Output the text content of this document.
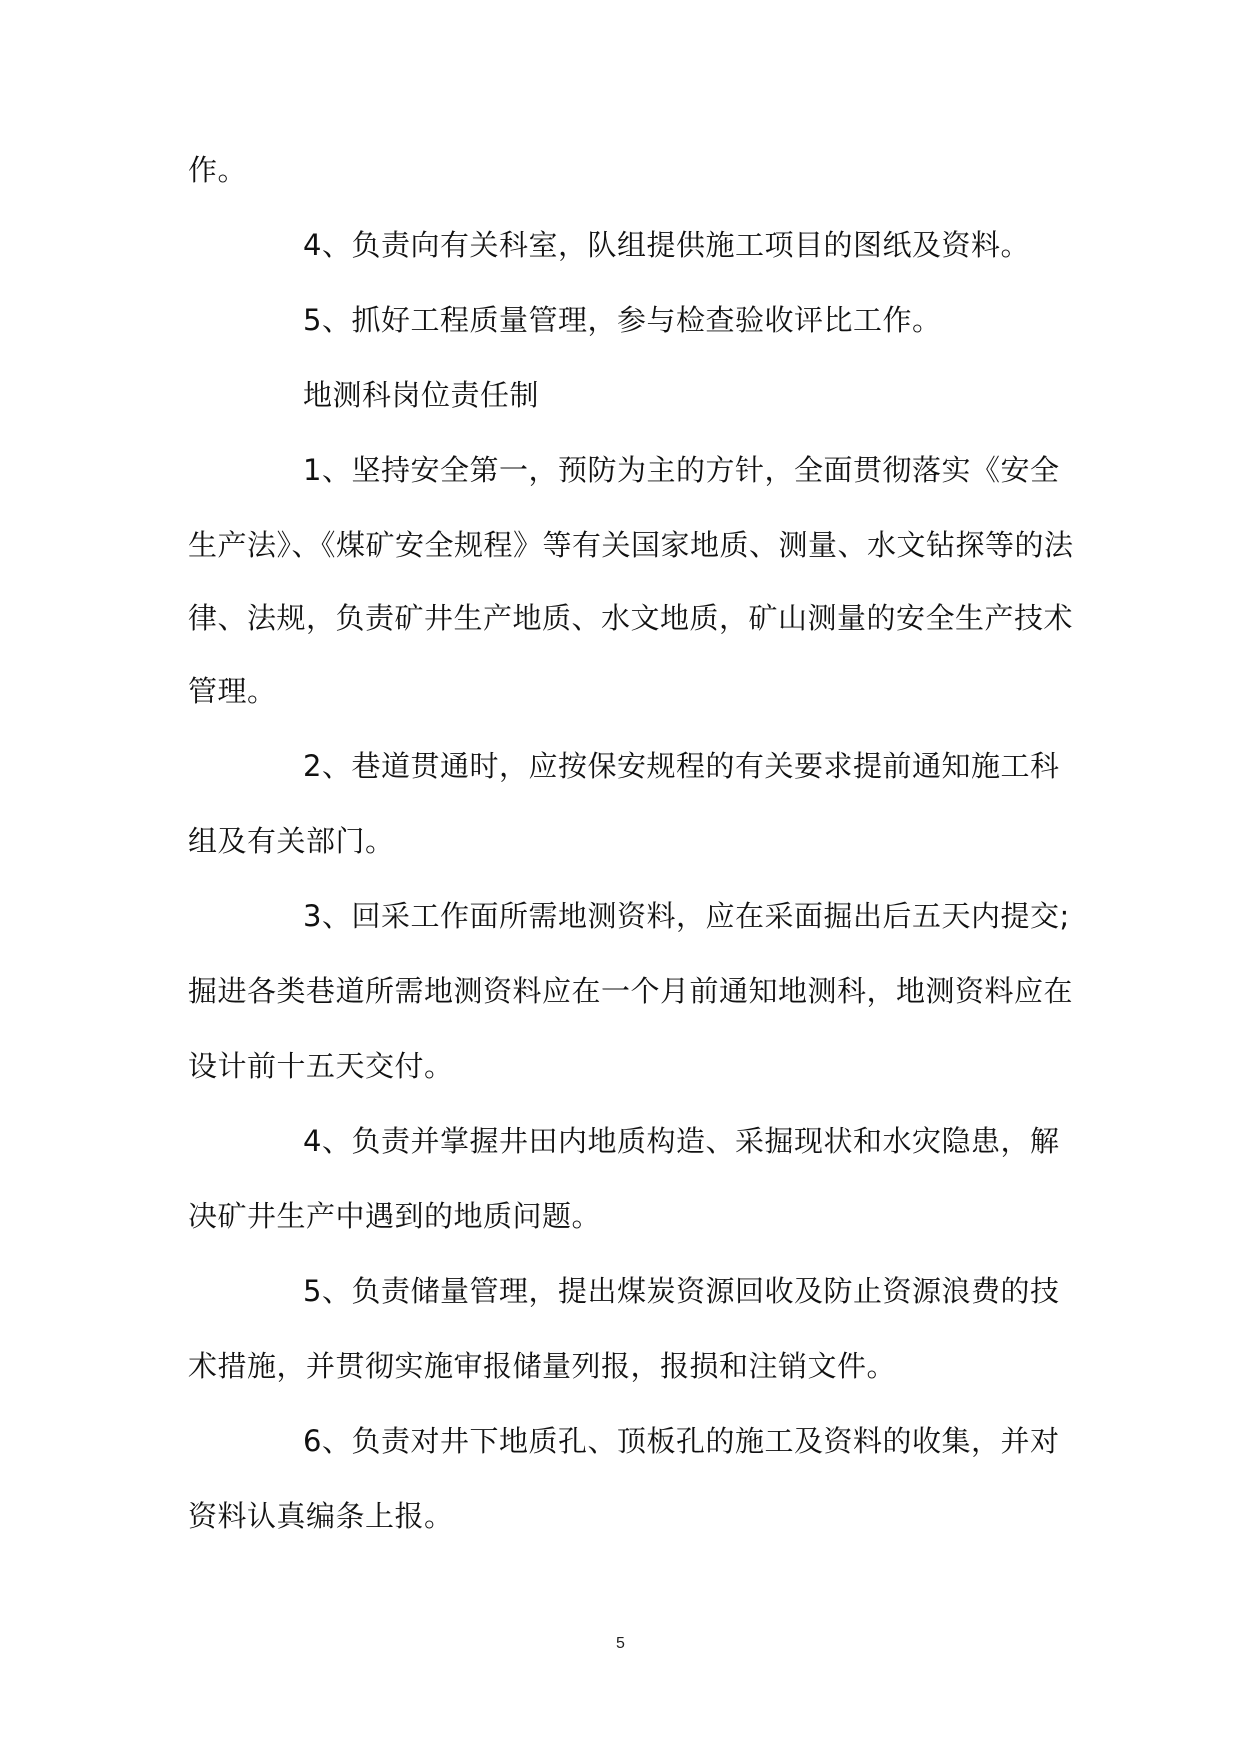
作。
4、负责向有关科室，队组提供施工项目的图纸及资料。
5、抓好工程质量管理，参与检查验收评比工作。
地测科岗位责任制
1、坚持安全第一，预防为主的方针，全面贯彻落实《安全
生产法》、《煤矿安全规程》等有关国家地质、测量、水文钻探等的法
律、法规，负责矿井生产地质、水文地质，矿山测量的安全生产技术
管理。
2、巷道贯通时，应按保安规程的有关要求提前通知施工科
组及有关部门。
3、回采工作面所需地测资料，应在采面掘出后五天内提交;
掘进各类巷道所需地测资料应在一个月前通知地测科，地测资料应在
设计前十五天交付。
4、负责并掌握井田内地质构造、采掘现状和水灾隐患，解
决矿井生产中遇到的地质问题。
5、负责储量管理，提出煤炭资源回收及防止资源浪费的技
术措施，并贯彻实施审报储量列报，报损和注销文件。
6、负责对井下地质孔、顶板孔的施工及资料的收集，并对
资料认真编条上报。
5
